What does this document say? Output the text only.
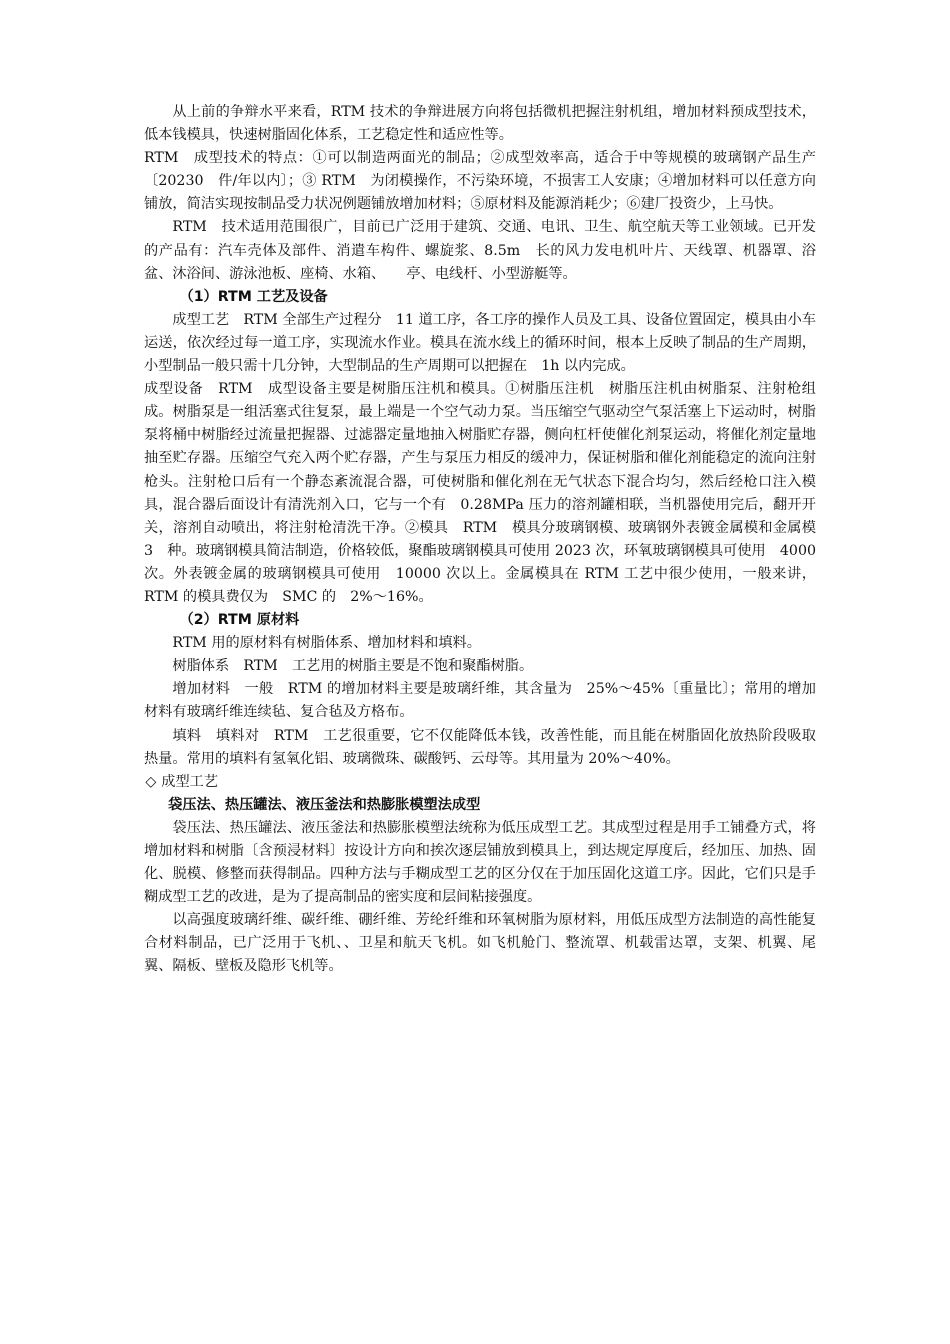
从上前的争辩水平来看，RTM 技术的争辩进展方向将包括微机把握注射机组，增加材料预成型技术，低本钱模具，快速树脂固化体系，工艺稳定性和适应性等。

RTM　成型技术的特点：①可以制造两面光的制品；②成型效率高，适合于中等规模的玻璃钢产品生产〔20230　件/年以内〕；③ RTM　为闭模操作，不污染环境，不损害工人安康；④增加材料可以任意方向铺放，简洁实现按制品受力状况例题铺放增加材料；⑤原材料及能源消耗少；⑥建厂投资少，上马快。

RTM　技术适用范围很广，目前已广泛用于建筑、交通、电讯、卫生、航空航天等工业领域。已开发的产品有：汽车壳体及部件、消遣车构件、螺旋浆、8.5m　长的风力发电机叶片、天线罩、机器罩、浴盆、沐浴间、游泳池板、座椅、水箱、　　亭、电线杆、小型游艇等。

（1）RTM 工艺及设备

成型工艺　RTM 全部生产过程分　11 道工序，各工序的操作人员及工具、设备位置固定，模具由小车运送，依次经过每一道工序，实现流水作业。模具在流水线上的循环时间，根本上反映了制品的生产周期，小型制品一般只需十几分钟，大型制品的生产周期可以把握在　1h 以内完成。

成型设备　RTM　成型设备主要是树脂压注机和模具。①树脂压注机　树脂压注机由树脂泵、注射枪组成。树脂泵是一组活塞式往复泵，最上端是一个空气动力泵。当压缩空气驱动空气泵活塞上下运动时，树脂泵将桶中树脂经过流量把握器、过滤器定量地抽入树脂贮存器，侧向杠杆使催化剂泵运动，将催化剂定量地抽至贮存器。压缩空气充入两个贮存器，产生与泵压力相反的缓冲力，保证树脂和催化剂能稳定的流向注射枪头。注射枪口后有一个静态紊流混合器，可使树脂和催化剂在无气状态下混合均匀，然后经枪口注入模具，混合器后面设计有清洗剂入口，它与一个有　0.28MPa 压力的溶剂罐相联，当机器使用完后，翻开开关，溶剂自动喷出，将注射枪清洗干净。②模具　RTM　模具分玻璃钢模、玻璃钢外表镀金属模和金属模　3　种。玻璃钢模具简洁制造，价格较低，聚酯玻璃钢模具可使用 2023 次，环氧玻璃钢模具可使用　4000 次。外表镀金属的玻璃钢模具可使用　10000 次以上。金属模具在 RTM 工艺中很少使用，一般来讲，RTM 的模具费仅为　SMC 的　2%～16%。

（2）RTM 原材料

RTM 用的原材料有树脂体系、增加材料和填料。

树脂体系　RTM　工艺用的树脂主要是不饱和聚酯树脂。

增加材料　一般　RTM 的增加材料主要是玻璃纤维，其含量为　25%～45%〔重量比〕；常用的增加材料有玻璃纤维连续毡、复合毡及方格布。

填料　填料对　RTM　工艺很重要，它不仅能降低本钱，改善性能，而且能在树脂固化放热阶段吸取热量。常用的填料有氢氧化铝、玻璃微珠、碳酸钙、云母等。其用量为 20%～40%。

◇ 成型工艺

袋压法、热压罐法、液压釜法和热膨胀模塑法成型

袋压法、热压罐法、液压釜法和热膨胀模塑法统称为低压成型工艺。其成型过程是用手工铺叠方式，将增加材料和树脂〔含预浸材料〕按设计方向和挨次逐层铺放到模具上，到达规定厚度后，经加压、加热、固化、脱模、修整而获得制品。四种方法与手糊成型工艺的区分仅在于加压固化这道工序。因此，它们只是手糊成型工艺的改进，是为了提高制品的密实度和层间粘接强度。

以高强度玻璃纤维、碳纤维、硼纤维、芳纶纤维和环氧树脂为原材料，用低压成型方法制造的高性能复合材料制品，已广泛用于飞机、、卫星和航天飞机。如飞机舱门、整流罩、机载雷达罩，支架、机翼、尾翼、隔板、壁板及隐形飞机等。
